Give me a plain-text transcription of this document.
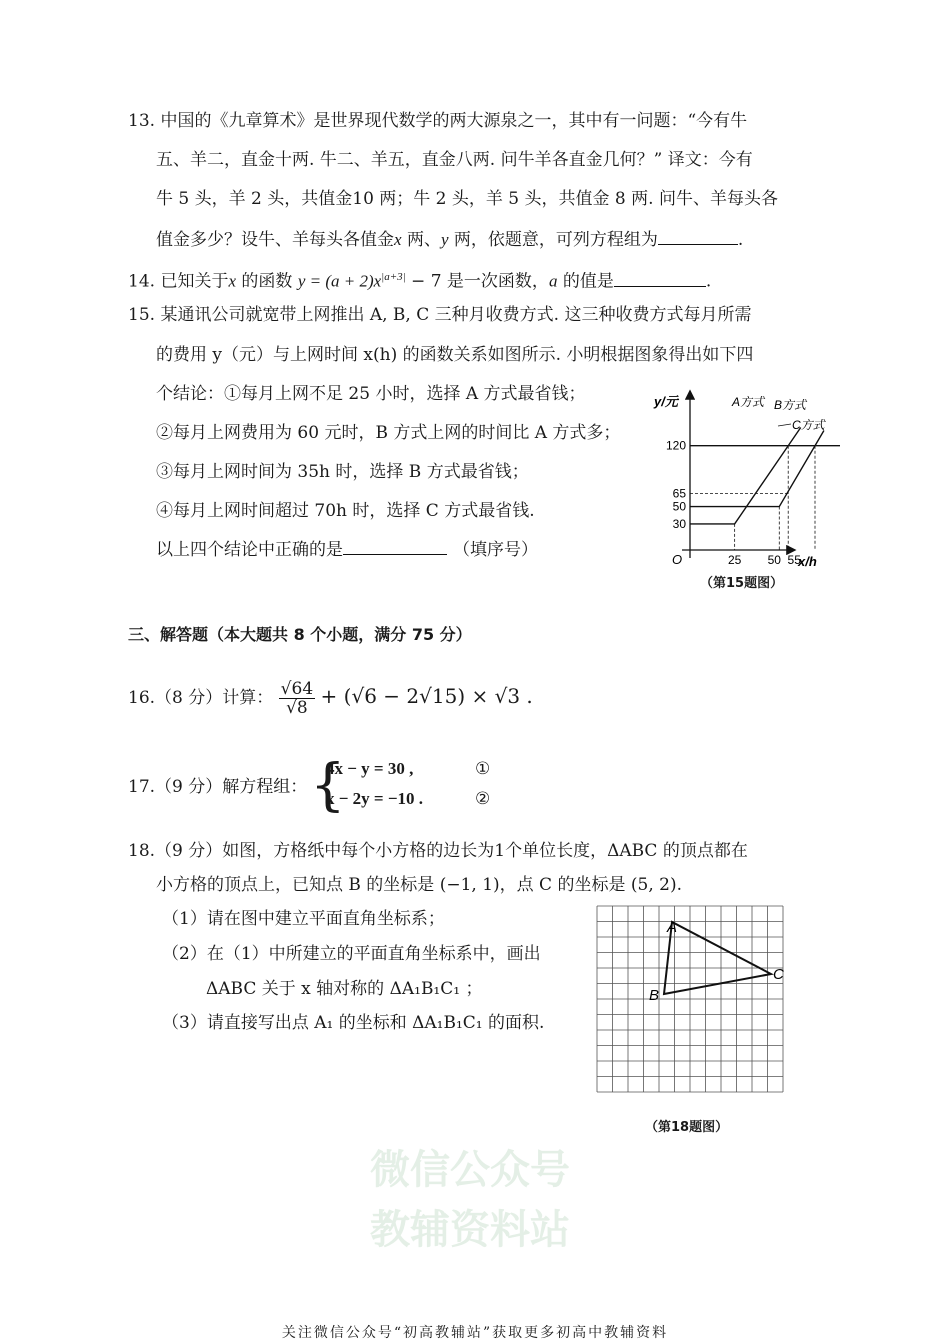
微信公众号
教辅资料站
13. 中国的《九章算术》是世界现代数学的两大源泉之一，其中有一问题：“今有牛
五、羊二，直金十两. 牛二、羊五，直金八两. 问牛羊各直金几何？” 译文：今有
牛 5 头，羊 2 头，共值金10 两；牛 2 头，羊 5 头，共值金 8 两. 问牛、羊每头各
值金多少？设牛、羊每头各值金x 两、y 两，依题意，可列方程组为	.
14. 已知关于x 的函数 $y = (a + 2)x^{|a+3|} - 7$ 是一次函数，a 的值是	.
15. 某通讯公司就宽带上网推出 A, B, C 三种月收费方式. 这三种收费方式每月所需
的费用 y（元）与上网时间 x(h) 的函数关系如图所示. 小明根据图象得出如下四
个结论：①每月上网不足 25 小时，选择 A 方式最省钱；
②每月上网费用为 60 元时，B 方式上网的时间比 A 方式多；
③每月上网时间为 35h 时，选择 B 方式最省钱；
④每月上网时间超过 70h 时，选择 C 方式最省钱.
以上四个结论中正确的是	（填序号）
30
50
65
120
25 50 55
y/元
x/h
O
A方式 B方式
C方式
（第15题图）
三、解答题（本大题共 8 个小题，满分 75 分）
16.（8 分）计算： $\frac{√64}{√8} + (√6 - 2√15) \times √3$ .
17.（9 分）解方程组： {
4x − y = 30 ,
x − 2y = −10 .
①
②
18.（9 分）如图，方格纸中每个小方格的边长为1个单位长度，ΔABC 的顶点都在
小方格的顶点上，已知点 B 的坐标是 (−1, 1)，点 C 的坐标是 (5, 2).
（1）请在图中建立平面直角坐标系；
（2）在（1）中所建立的平面直角坐标系中，画出
ΔABC 关于 x 轴对称的 ΔA₁B₁C₁ ；
（3）请直接写出点 A₁ 的坐标和 ΔA₁B₁C₁ 的面积.
A
B
C
（第18题图）
关注微信公众号“初高教辅站”获取更多初高中教辅资料
